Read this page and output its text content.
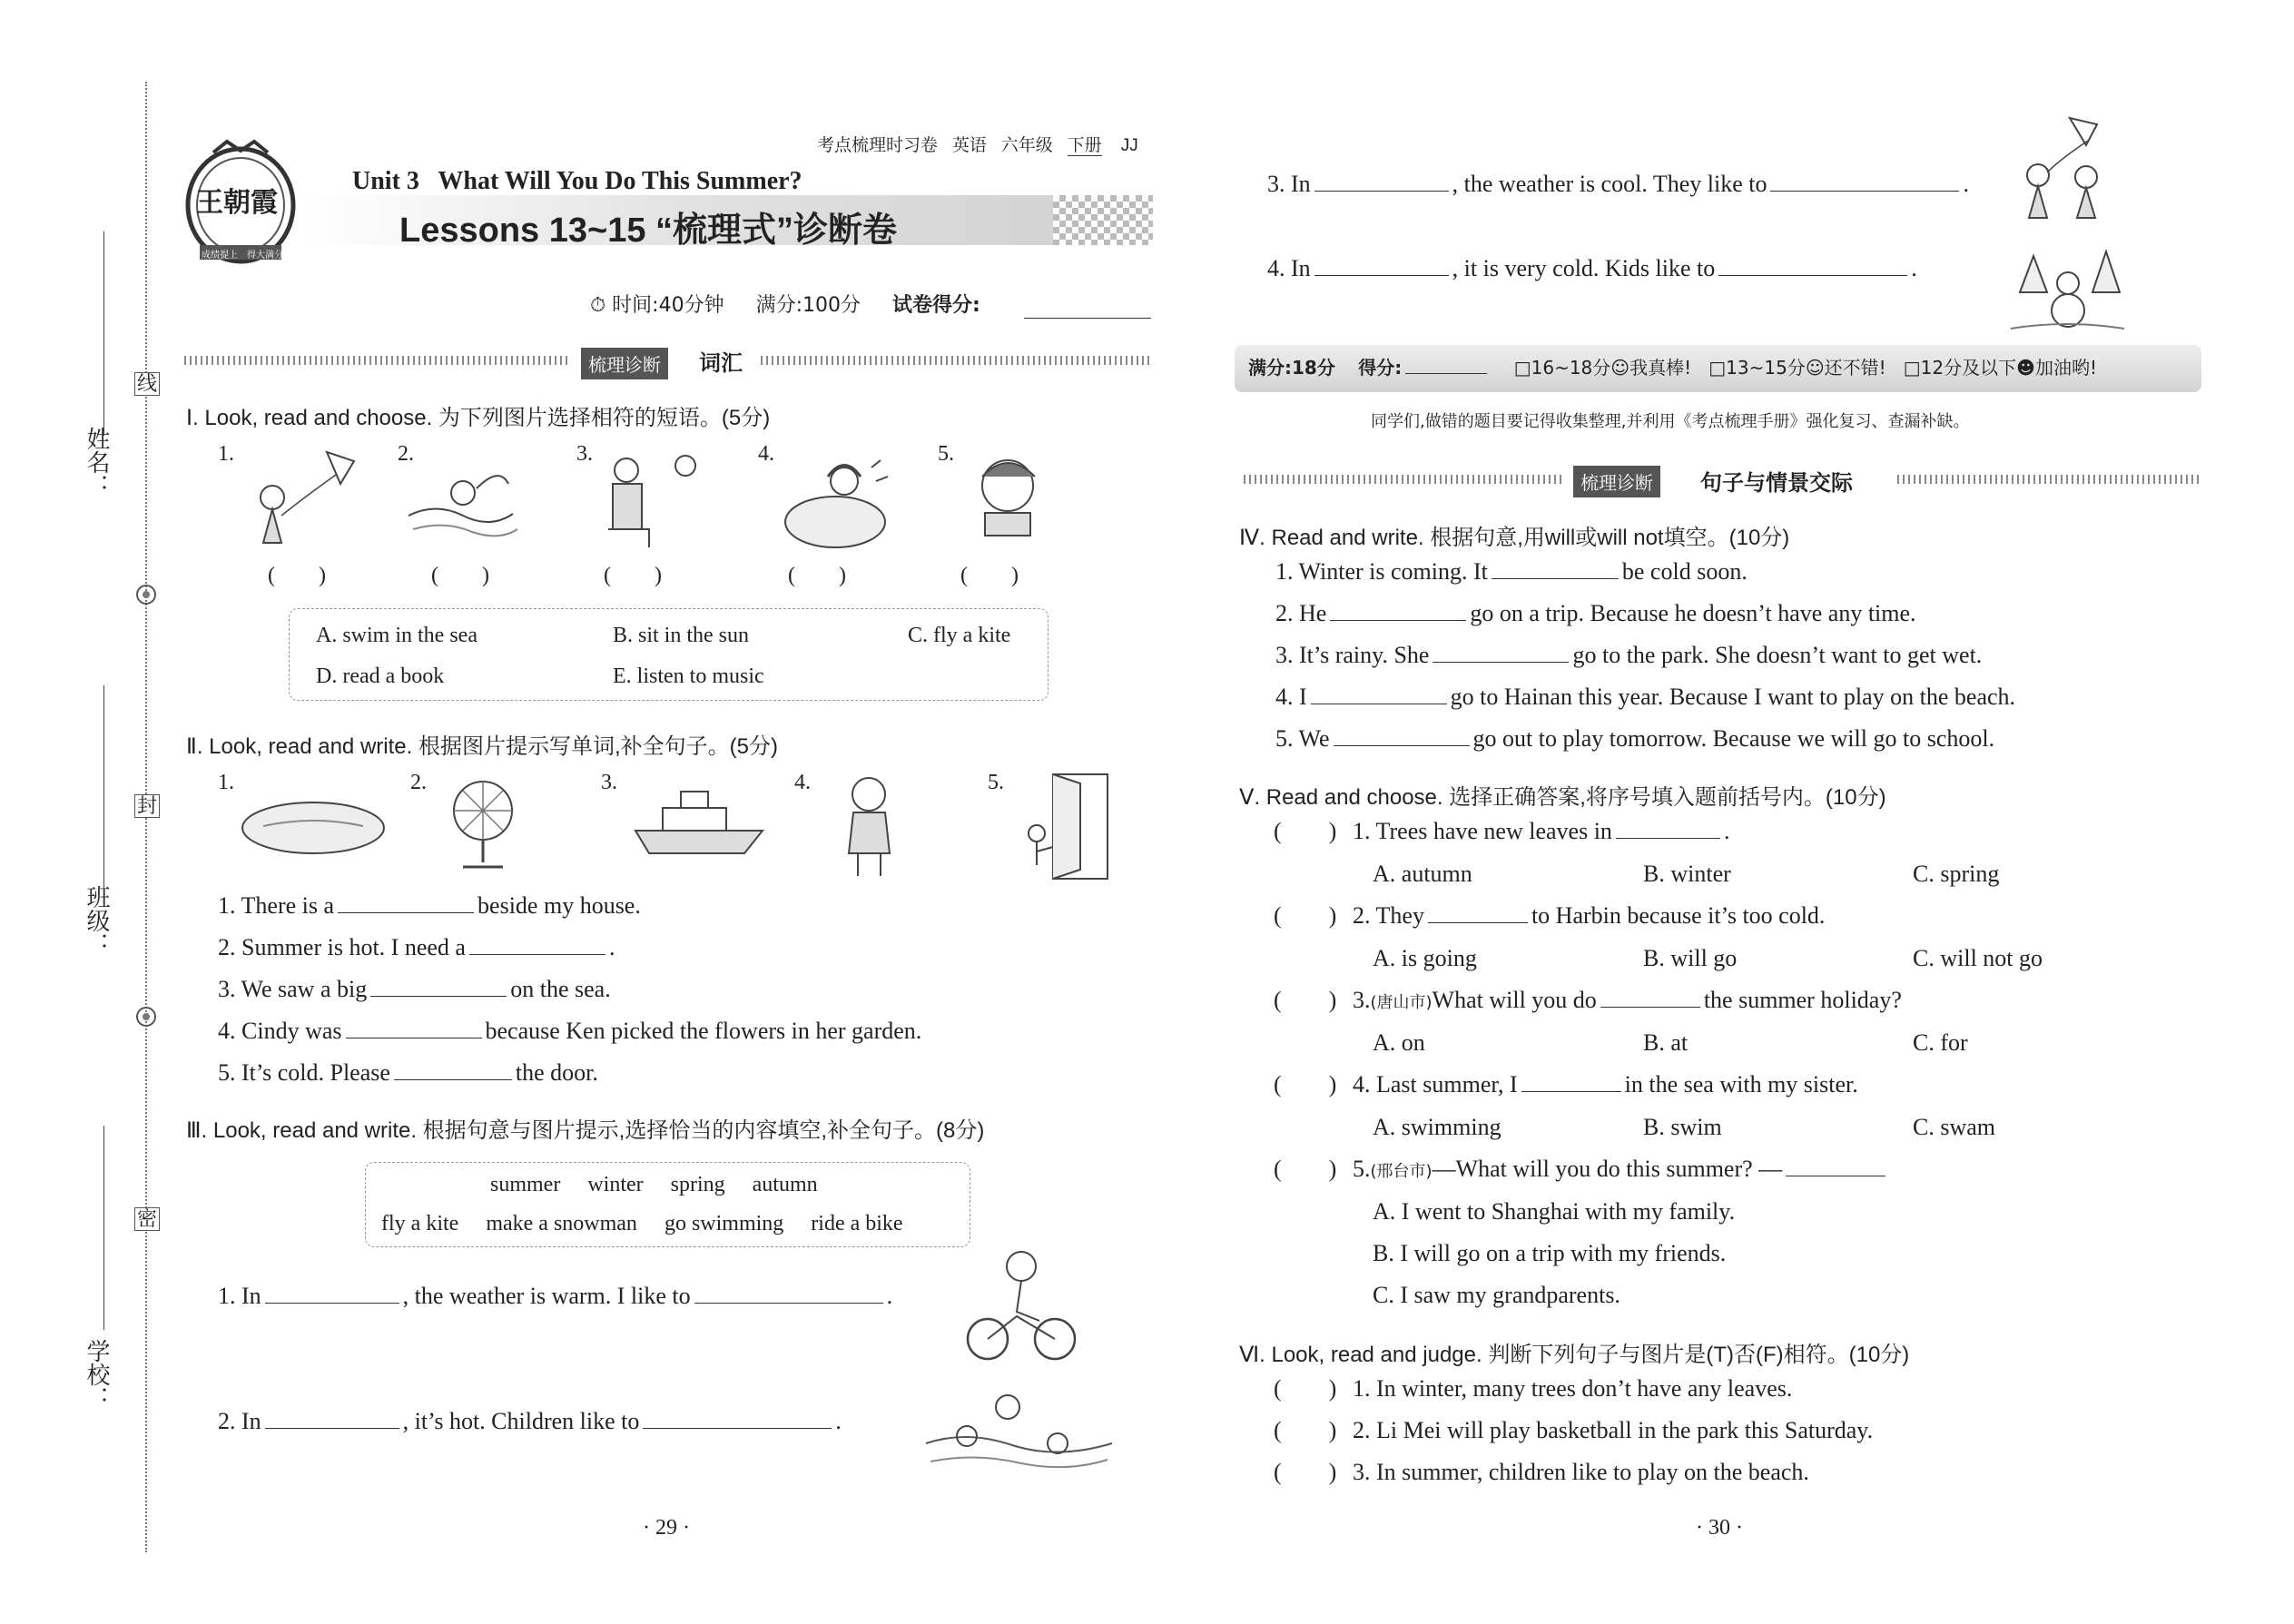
姓名：
班级：
学校：
线
封
密
王朝霞
成绩提上 得大满分
考点梳理时习卷 英语 六年级 下册 JJ
Unit 3   What Will You Do This Summer?
Lessons 13~15 “梳理式”诊断卷
⏱ 时间:40分钟 满分:100分 试卷得分:
梳理诊断	词汇
Ⅰ. Look, read and choose. 为下列图片选择相符的短语。(5分)
1.	2.	3.	4.	5.
(        )	(        )	(        )	(        )	(        )
A. swim in the sea	B. sit in the sun	C. fly a kite
D. read a book	E. listen to music
Ⅱ. Look, read and write. 根据图片提示写单词,补全句子。(5分)
1.	2.	3.	4.	5.
1. There is a	beside my house.
2. Summer is hot. I need a	.
3. We saw a big	on the sea.
4. Cindy was	because Ken picked the flowers in her garden.
5. It’s cold. Please	the door.
Ⅲ. Look, read and write. 根据句意与图片提示,选择恰当的内容填空,补全句子。(8分)
summer winter spring autumn
fly a kite make a snowman go swimming ride a bike
1. In	, the weather is warm. I like to	.
2. In	, it’s hot. Children like to	.
· 29 ·
3. In	, the weather is cool. They like to	.
4. In	, it is very cold. Kids like to	.
满分:18分 得分:	□16~18分☺我真棒! □13~15分☺还不错! □12分及以下☻加油哟!
同学们,做错的题目要记得收集整理,并利用《考点梳理手册》强化复习、查漏补缺。
梳理诊断	句子与情景交际
Ⅳ. Read and write. 根据句意,用will或will not填空。(10分)
1. Winter is coming. It	be cold soon.
2. He	go on a trip. Because he doesn’t have any time.
3. It’s rainy. She	go to the park. She doesn’t want to get wet.
4. I	go to Hainan this year. Because I want to play on the beach.
5. We	go out to play tomorrow. Because we will go to school.
Ⅴ. Read and choose. 选择正确答案,将序号填入题前括号内。(10分)
(        ) 1. Trees have new leaves in	.
A. autumn	B. winter	C. spring
(        ) 2. They	to Harbin because it’s too cold.
A. is going	B. will go	C. will not go
(        ) 3.(唐山市)What will you do	the summer holiday?
A. on	B. at	C. for
(        ) 4. Last summer, I	in the sea with my sister.
A. swimming	B. swim	C. swam
(        ) 5.(邢台市)—What will you do this summer? —
A. I went to Shanghai with my family.
B. I will go on a trip with my friends.
C. I saw my grandparents.
Ⅵ. Look, read and judge. 判断下列句子与图片是(T)否(F)相符。(10分)
(        ) 1. In winter, many trees don’t have any leaves.
(        ) 2. Li Mei will play basketball in the park this Saturday.
(        ) 3. In summer, children like to play on the beach.
· 30 ·
